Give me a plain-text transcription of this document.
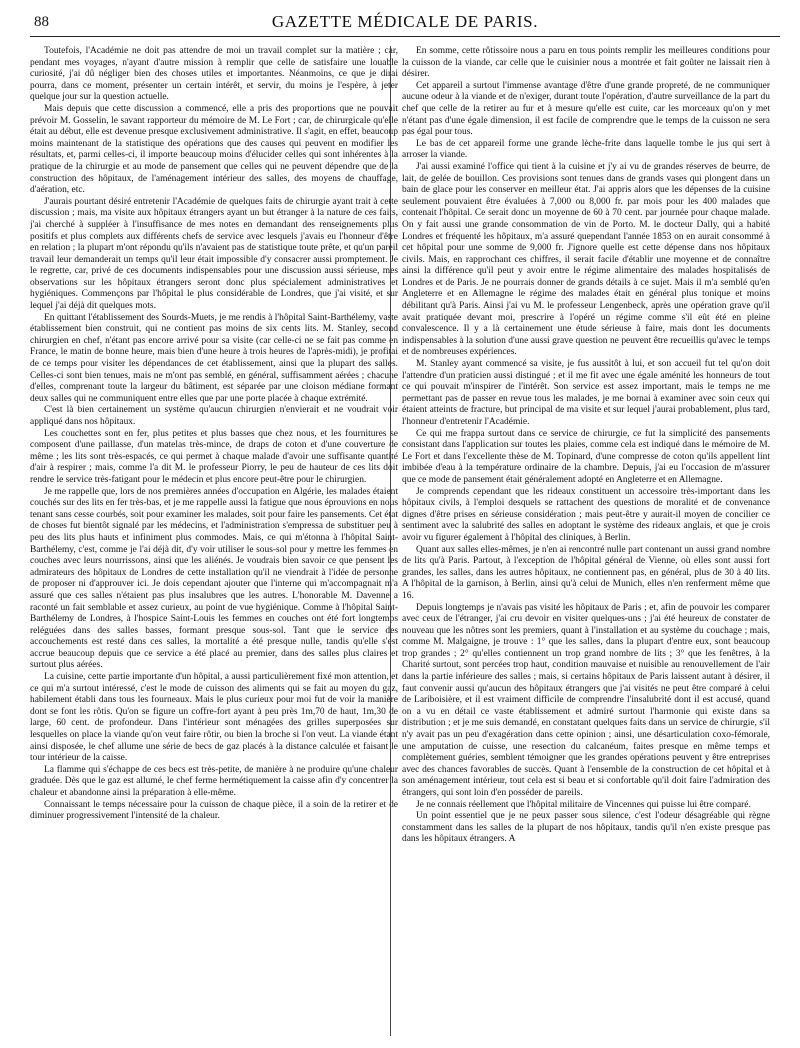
88	GAZETTE MÉDICALE DE PARIS.

Toutefois, l'Académie ne doit pas attendre de moi un travail complet sur la matière ; car, pendant mes voyages, n'ayant d'autre mission à remplir que celle de satisfaire une louable curiosité, j'ai dû négliger bien des choses utiles et importantes. Néanmoins, ce que je dirai pourra, dans ce moment, présenter un certain intérêt, et servir, du moins je l'espère, à jeter quelque jour sur la question actuelle.

Mais depuis que cette discussion a commencé, elle a pris des proportions que ne pouvait prévoir M. Gosselin, le savant rapporteur du mémoire de M. Le Fort ; car, de chirurgicale qu'elle était au début, elle est devenue presque exclusivement administrative. Il s'agit, en effet, beaucoup moins maintenant de la statistique des opérations que des causes qui peuvent en modifier les résultats, et, parmi celles-ci, il importe beaucoup moins d'élucider celles qui sont inhérentes à la pratique de la chirurgie et au mode de pansement que celles qui ne peuvent dépendre que de la construction des hôpitaux, de l'aménagement intérieur des salles, des moyens de chauffage, d'aération, etc.

J'aurais pourtant désiré entretenir l'Académie de quelques faits de chirurgie ayant trait à cette discussion ; mais, ma visite aux hôpitaux étrangers ayant un but étranger à la nature de ces faits, j'ai cherché à suppléer à l'insuffisance de mes notes en demandant des renseignements plus positifs et plus complets aux différents chefs de service avec lesquels j'avais eu l'honneur d'être en relation ; la plupart m'ont répondu qu'ils n'avaient pas de statistique toute prête, et qu'un pareil travail leur demanderait un temps qu'il leur était impossible d'y consacrer aussi promptement. Je le regrette, car, privé de ces documents indispensables pour une discussion aussi sérieuse, mes observations sur les hôpitaux étrangers seront donc plus spécialement administratives et hygiéniques. Commençons par l'hôpital le plus considérable de Londres, que j'ai visité, et sur lequel j'ai déjà dit quelques mots.

En quittant l'établissement des Sourds-Muets, je me rendis à l'hôpital Saint-Barthélemy, vaste établissement bien construit, qui ne contient pas moins de six cents lits. M. Stanley, second chirurgien en chef, n'étant pas encore arrivé pour sa visite (car celle-ci ne se fait pas comme en France, le matin de bonne heure, mais bien d'une heure à trois heures de l'après-midi), je profitai de ce temps pour visiter les dépendances de cet établissement, ainsi que la plupart des salles. Celles-ci sont bien tenues, mais ne m'ont pas semblé, en général, suffisamment aérées ; chacune d'elles, comprenant toute la largeur du bâtiment, est séparée par une cloison médiane formant deux salles qui ne communiquent entre elles que par une porte placée à chaque extrémité.

C'est là bien certainement un système qu'aucun chirurgien n'envierait et ne voudrait voir appliqué dans nos hôpitaux.

Les couchettes sont en fer, plus petites et plus basses que chez nous, et les fournitures se composent d'une paillasse, d'un matelas très-mince, de draps de coton et d'une couverture de même ; les lits sont très-espacés, ce qui permet à chaque malade d'avoir une suffisante quantité d'air à respirer ; mais, comme l'a dit M. le professeur Piorry, le peu de hauteur de ces lits doit rendre le service très-fatigant pour le médecin et plus encore peut-être pour le chirurgien.

Je me rappelle que, lors de nos premières années d'occupation en Algérie, les malades étaient couchés sur des lits en fer très-bas, et je me rappelle aussi la fatigue que nous éprouvions en nous tenant sans cesse courbés, soit pour examiner les malades, soit pour faire les pansements. Cet état de choses fut bientôt signalé par les médecins, et l'administration s'empressa de substituer peu à peu des lits plus hauts et infiniment plus commodes. Mais, ce qui m'étonna à l'hôpital Saint-Barthélemy, c'est, comme je l'ai déjà dit, d'y voir utiliser le sous-sol pour y mettre les femmes en couches avec leurs nourrissons, ainsi que les aliénés. Je voudrais bien savoir ce que pensent les admirateurs des hôpitaux de Londres de cette installation qu'il ne viendrait à l'idée de personne de proposer ni d'approuver ici. Je dois cependant ajouter que l'interne qui m'accompagnait m'a assuré que ces salles n'étaient pas plus insalubres que les autres. L'honorable M. Davenne a raconté un fait semblable et assez curieux, au point de vue hygiénique. Comme à l'hôpital Saint-Barthélemy de Londres, à l'hospice Saint-Louis les femmes en couches ont été fort longtemps reléguées dans des salles basses, formant presque sous-sol. Tant que le service des accouchements est resté dans ces salles, la mortalité a été presque nulle, tandis qu'elle s'est accrue beaucoup depuis que ce service a été placé au premier, dans des salles plus claires et surtout plus aérées.

La cuisine, cette partie importante d'un hôpital, a aussi particulièrement fixé mon attention, et ce qui m'a surtout intéressé, c'est le mode de cuisson des aliments qui se fait au moyen du gaz, habilement établi dans tous les fourneaux. Mais le plus curieux pour moi fut de voir la manière dont se font les rôtis. Qu'on se figure un coffre-fort ayant à peu près 1m,70 de haut, 1m,30 de large, 60 cent. de profondeur. Dans l'intérieur sont ménagées des grilles superposées sur lesquelles on place la viande qu'on veut faire rôtir, ou bien la broche si l'on veut. La viande étant ainsi disposée, le chef allume une série de becs de gaz placés à la distance calculée et faisant le tour intérieur de la caisse.

La flamme qui s'échappe de ces becs est très-petite, de manière à ne produire qu'une chaleur graduée. Dès que le gaz est allumé, le chef ferme hermétiquement la caisse afin d'y concentrer la chaleur et abandonne ainsi la préparation à elle-même.

Connaissant le temps nécessaire pour la cuisson de chaque pièce, il a soin de la retirer et de diminuer progressivement l'intensité de la chaleur.

En somme, cette rôtissoire nous a paru en tous points remplir les meilleures conditions pour la cuisson de la viande, car celle que le cuisinier nous a montrée et fait goûter ne laissait rien à désirer.

Cet appareil a surtout l'immense avantage d'être d'une grande propreté, de ne communiquer aucune odeur à la viande et de n'exiger, durant toute l'opération, d'autre surveillance de la part du chef que celle de la retirer au fur et à mesure qu'elle est cuite, car les morceaux qu'on y met n'étant pas d'une égale dimension, il est facile de comprendre que le temps de la cuisson ne sera pas égal pour tous.

Le bas de cet appareil forme une grande lèche-frite dans laquelle tombe le jus qui sert à arroser la viande.

J'ai aussi examiné l'office qui tient à la cuisine et j'y ai vu de grandes réserves de beurre, de lait, de gelée de bouillon. Ces provisions sont tenues dans de grands vases qui plongent dans un bain de glace pour les conserver en meilleur état. J'ai appris alors que les dépenses de la cuisine seulement pouvaient être évaluées à 7,000 ou 8,000 fr. par mois pour les 400 malades que contenait l'hôpital. Ce serait donc un moyenne de 60 à 70 cent. par journée pour chaque malade. On y fait aussi une grande consommation de vin de Porto. M. le docteur Dally, qui a habité Londres et fréquenté les hôpitaux, m'a assuré quependant l'année 1853 on en aurait consommé à cet hôpital pour une somme de 9,000 fr. J'ignore quelle est cette dépense dans nos hôpitaux civils. Mais, en rapprochant ces chiffres, il serait facile d'établir une moyenne et de connaître ainsi la différence qu'il peut y avoir entre le régime alimentaire des malades hospitalisés de Londres et de Paris. Je ne pourrais donner de grands détails à ce sujet. Mais il m'a semblé qu'en Angleterre et en Allemagne le régime des malades était en général plus tonique et moins débilitant qu'à Paris. Ainsi j'ai vu M. le professeur Lengenbeck, après une opération grave qu'il avait pratiquée devant moi, prescrire à l'opéré un régime comme s'il eût été en pleine convalescence. Il y a là certainement une étude sérieuse à faire, mais dont les documents indispensables à la solution d'une aussi grave question ne peuvent être recueillis qu'avec le temps et de nombreuses expériences.

M. Stanley ayant commencé sa visite, je fus aussitôt à lui, et son accueil fut tel qu'on doit l'attendre d'un praticien aussi distingué ; et il me fit avec une égale aménité les honneurs de tout ce qui pouvait m'inspirer de l'intérêt. Son service est assez important, mais le temps ne me permettant pas de passer en revue tous les malades, je me bornai à examiner avec soin ceux qui étaient atteints de fracture, but principal de ma visite et sur lequel j'aurai probablement, plus tard, l'honneur d'entretenir l'Académie.

Ce qui me frappa surtout dans ce service de chirurgie, ce fut la simplicité des pansements consistant dans l'application sur toutes les plaies, comme cela est indiqué dans le mémoire de M. Le Fort et dans l'excellente thèse de M. Topinard, d'une compresse de coton qu'ils appellent lint imbibée d'eau à la température ordinaire de la chambre. Depuis, j'ai eu l'occasion de m'assurer que ce mode de pansement était généralement adopté en Angleterre et en Allemagne.

Je comprends cependant que les rideaux constituent un accessoire très-important dans les hôpitaux civils, à l'emploi desquels se rattachent des questions de moralité et de convenance dignes d'être prises en sérieuse considération ; mais peut-être y aurait-il moyen de concilier ce sentiment avec la salubrité des salles en adoptant le système des rideaux anglais, et que je crois avoir vu figurer également à l'hôpital des cliniques, à Berlin.

Quant aux salles elles-mêmes, je n'en ai rencontré nulle part contenant un aussi grand nombre de lits qu'à Paris. Partout, à l'exception de l'hôpital général de Vienne, où elles sont aussi fort grandes, les salles, dans les autres hôpitaux, ne contiennent pas, en général, plus de 30 à 40 lits. A l'hôpital de la garnison, à Berlin, ainsi qu'à celui de Munich, elles n'en renferment même que 16.

Depuis longtemps je n'avais pas visité les hôpitaux de Paris ; et, afin de pouvoir les comparer avec ceux de l'étranger, j'ai cru devoir en visiter quelques-uns ; j'ai été heureux de constater de nouveau que les nôtres sont les premiers, quant à l'installation et au système du couchage ; mais, comme M. Malgaigne, je trouve : 1° que les salles, dans la plupart d'entre eux, sont beaucoup trop grandes ; 2° qu'elles contiennent un trop grand nombre de lits ; 3° que les fenêtres, à la Charité surtout, sont percées trop haut, condition mauvaise et nuisible au renouvellement de l'air dans la partie inférieure des salles ; mais, si certains hôpitaux de Paris laissent autant à désirer, il faut convenir aussi qu'aucun des hôpitaux étrangers que j'ai visités ne peut être comparé à celui de Lariboisière, et il est vraiment difficile de comprendre l'insalubrité dont il est accusé, quand on a vu en détail ce vaste établissement et admiré surtout l'harmonie qui existe dans sa distribution ; et je me suis demandé, en constatant quelques faits dans un service de chirurgie, s'il n'y avait pas un peu d'exagération dans cette opinion ; ainsi, une désarticulation coxo-fémorale, une amputation de cuisse, une resection du calcanéum, faites presque en même temps et complètement guéries, semblent témoigner que les grandes opérations peuvent y être entreprises avec des chances favorables de succès. Quant à l'ensemble de la construction de cet hôpital et à son aménagement intérieur, tout cela est si beau et si confortable qu'il doit faire l'admiration des étrangers, qui sont loin d'en posséder de pareils.

Je ne connais réellement que l'hôpital militaire de Vincennes qui puisse lui être comparé.

Un point essentiel que je ne peux passer sous silence, c'est l'odeur désagréable qui règne constamment dans les salles de la plupart de nos hôpitaux, tandis qu'il n'en existe presque pas dans les hôpitaux étrangers. A
